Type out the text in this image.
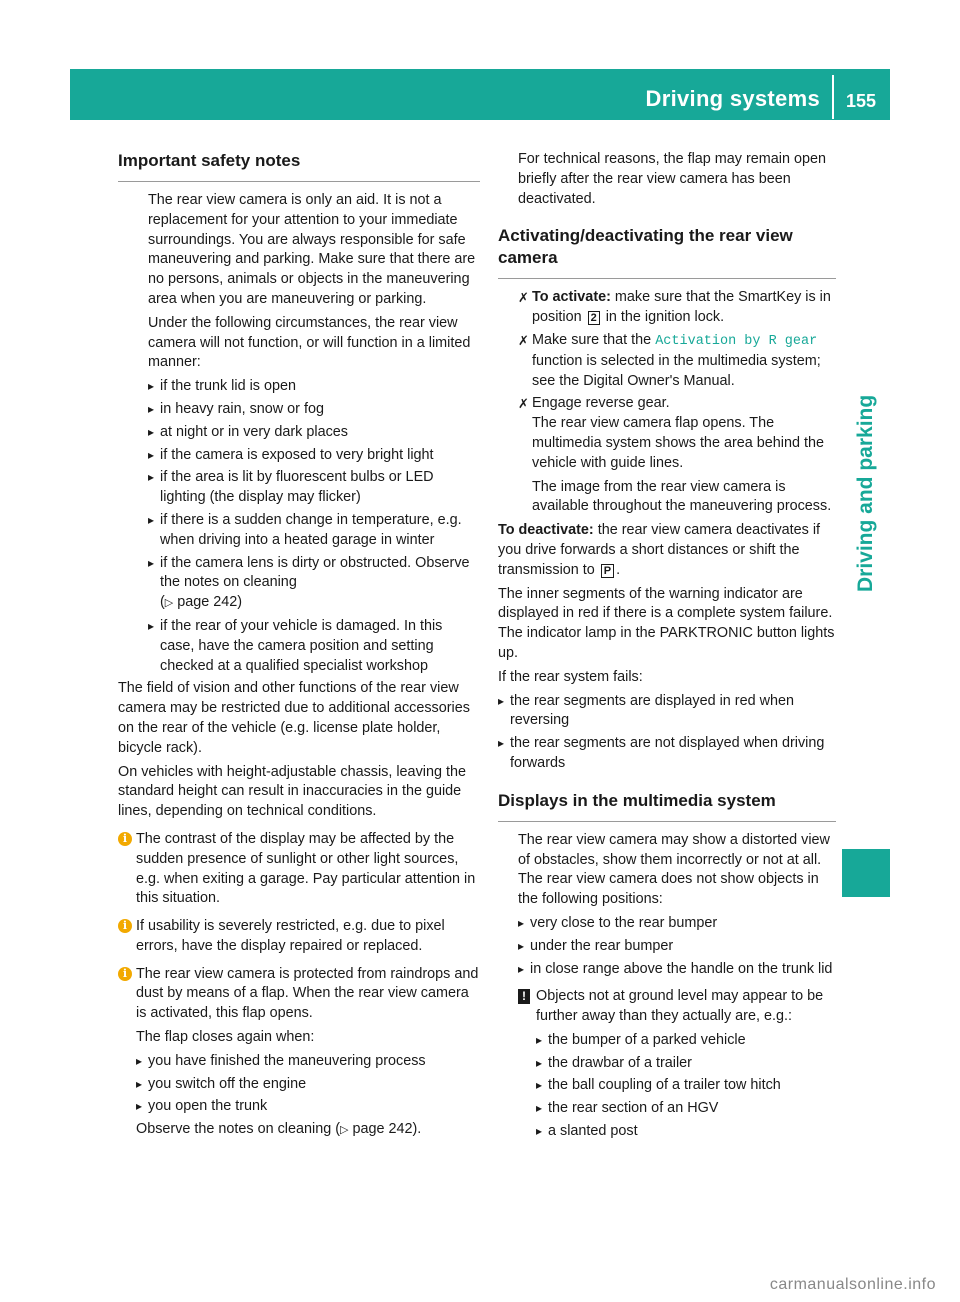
Driving systems 155
Driving and parking
Important safety notes

The rear view camera is only an aid. It is not a replacement for your attention to your immediate surroundings. You are always responsible for safe maneuvering and parking. Make sure that there are no persons, animals or objects in the maneuvering area when you are maneuvering or parking.

Under the following circumstances, the rear view camera will not function, or will function in a limited manner:

▸ if the trunk lid is open
▸ in heavy rain, snow or fog
▸ at night or in very dark places
▸ if the camera is exposed to very bright light
▸ if the area is lit by fluorescent bulbs or LED lighting (the display may flicker)
▸ if there is a sudden change in temperature, e.g. when driving into a heated garage in winter
▸ if the camera lens is dirty or obstructed. Observe the notes on cleaning
(▷ page 242)
▸ if the rear of your vehicle is damaged. In this case, have the camera position and setting checked at a qualified specialist workshop

The field of vision and other functions of the rear view camera may be restricted due to additional accessories on the rear of the vehicle (e.g. license plate holder, bicycle rack).

On vehicles with height-adjustable chassis, leaving the standard height can result in inaccuracies in the guide lines, depending on technical conditions.

i The contrast of the display may be affected by the sudden presence of sunlight or other light sources, e.g. when exiting a garage. Pay particular attention in this situation.
i If usability is severely restricted, e.g. due to pixel errors, have the display repaired or replaced.
i The rear view camera is protected from raindrops and dust by means of a flap. When the rear view camera is activated, this flap opens.

The flap closes again when:

▸ you have finished the maneuvering process
▸ you switch off the engine
▸ you open the trunk

Observe the notes on cleaning (▷ page 242).

For technical reasons, the flap may remain open briefly after the rear view camera has been deactivated.

Activating/deactivating the rear view camera
✗ To activate: make sure that the SmartKey is in position 2 in the ignition lock.
✗ Make sure that the Activation by R gear function is selected in the multimedia system; see the Digital Owner's Manual.
✗ Engage reverse gear.
The rear view camera flap opens. The multimedia system shows the area behind the vehicle with guide lines.

The image from the rear view camera is available throughout the maneuvering process.

To deactivate: the rear view camera deactivates if you drive forwards a short distances or shift the transmission to P .

The inner segments of the warning indicator are displayed in red if there is a complete system failure. The indicator lamp in the PARKTRONIC button lights up.

If the rear system fails:

▸ the rear segments are displayed in red when reversing
▸ the rear segments are not displayed when driving forwards
Displays in the multimedia system

The rear view camera may show a distorted view of obstacles, show them incorrectly or not at all. The rear view camera does not show objects in the following positions:

▸ very close to the rear bumper
▸ under the rear bumper
▸ in close range above the handle on the trunk lid
! Objects not at ground level may appear to be further away than they actually are, e.g.:
▸ the bumper of a parked vehicle
▸ the drawbar of a trailer
▸ the ball coupling of a trailer tow hitch
▸ the rear section of an HGV
▸ a slanted post
carmanualsonline.info
